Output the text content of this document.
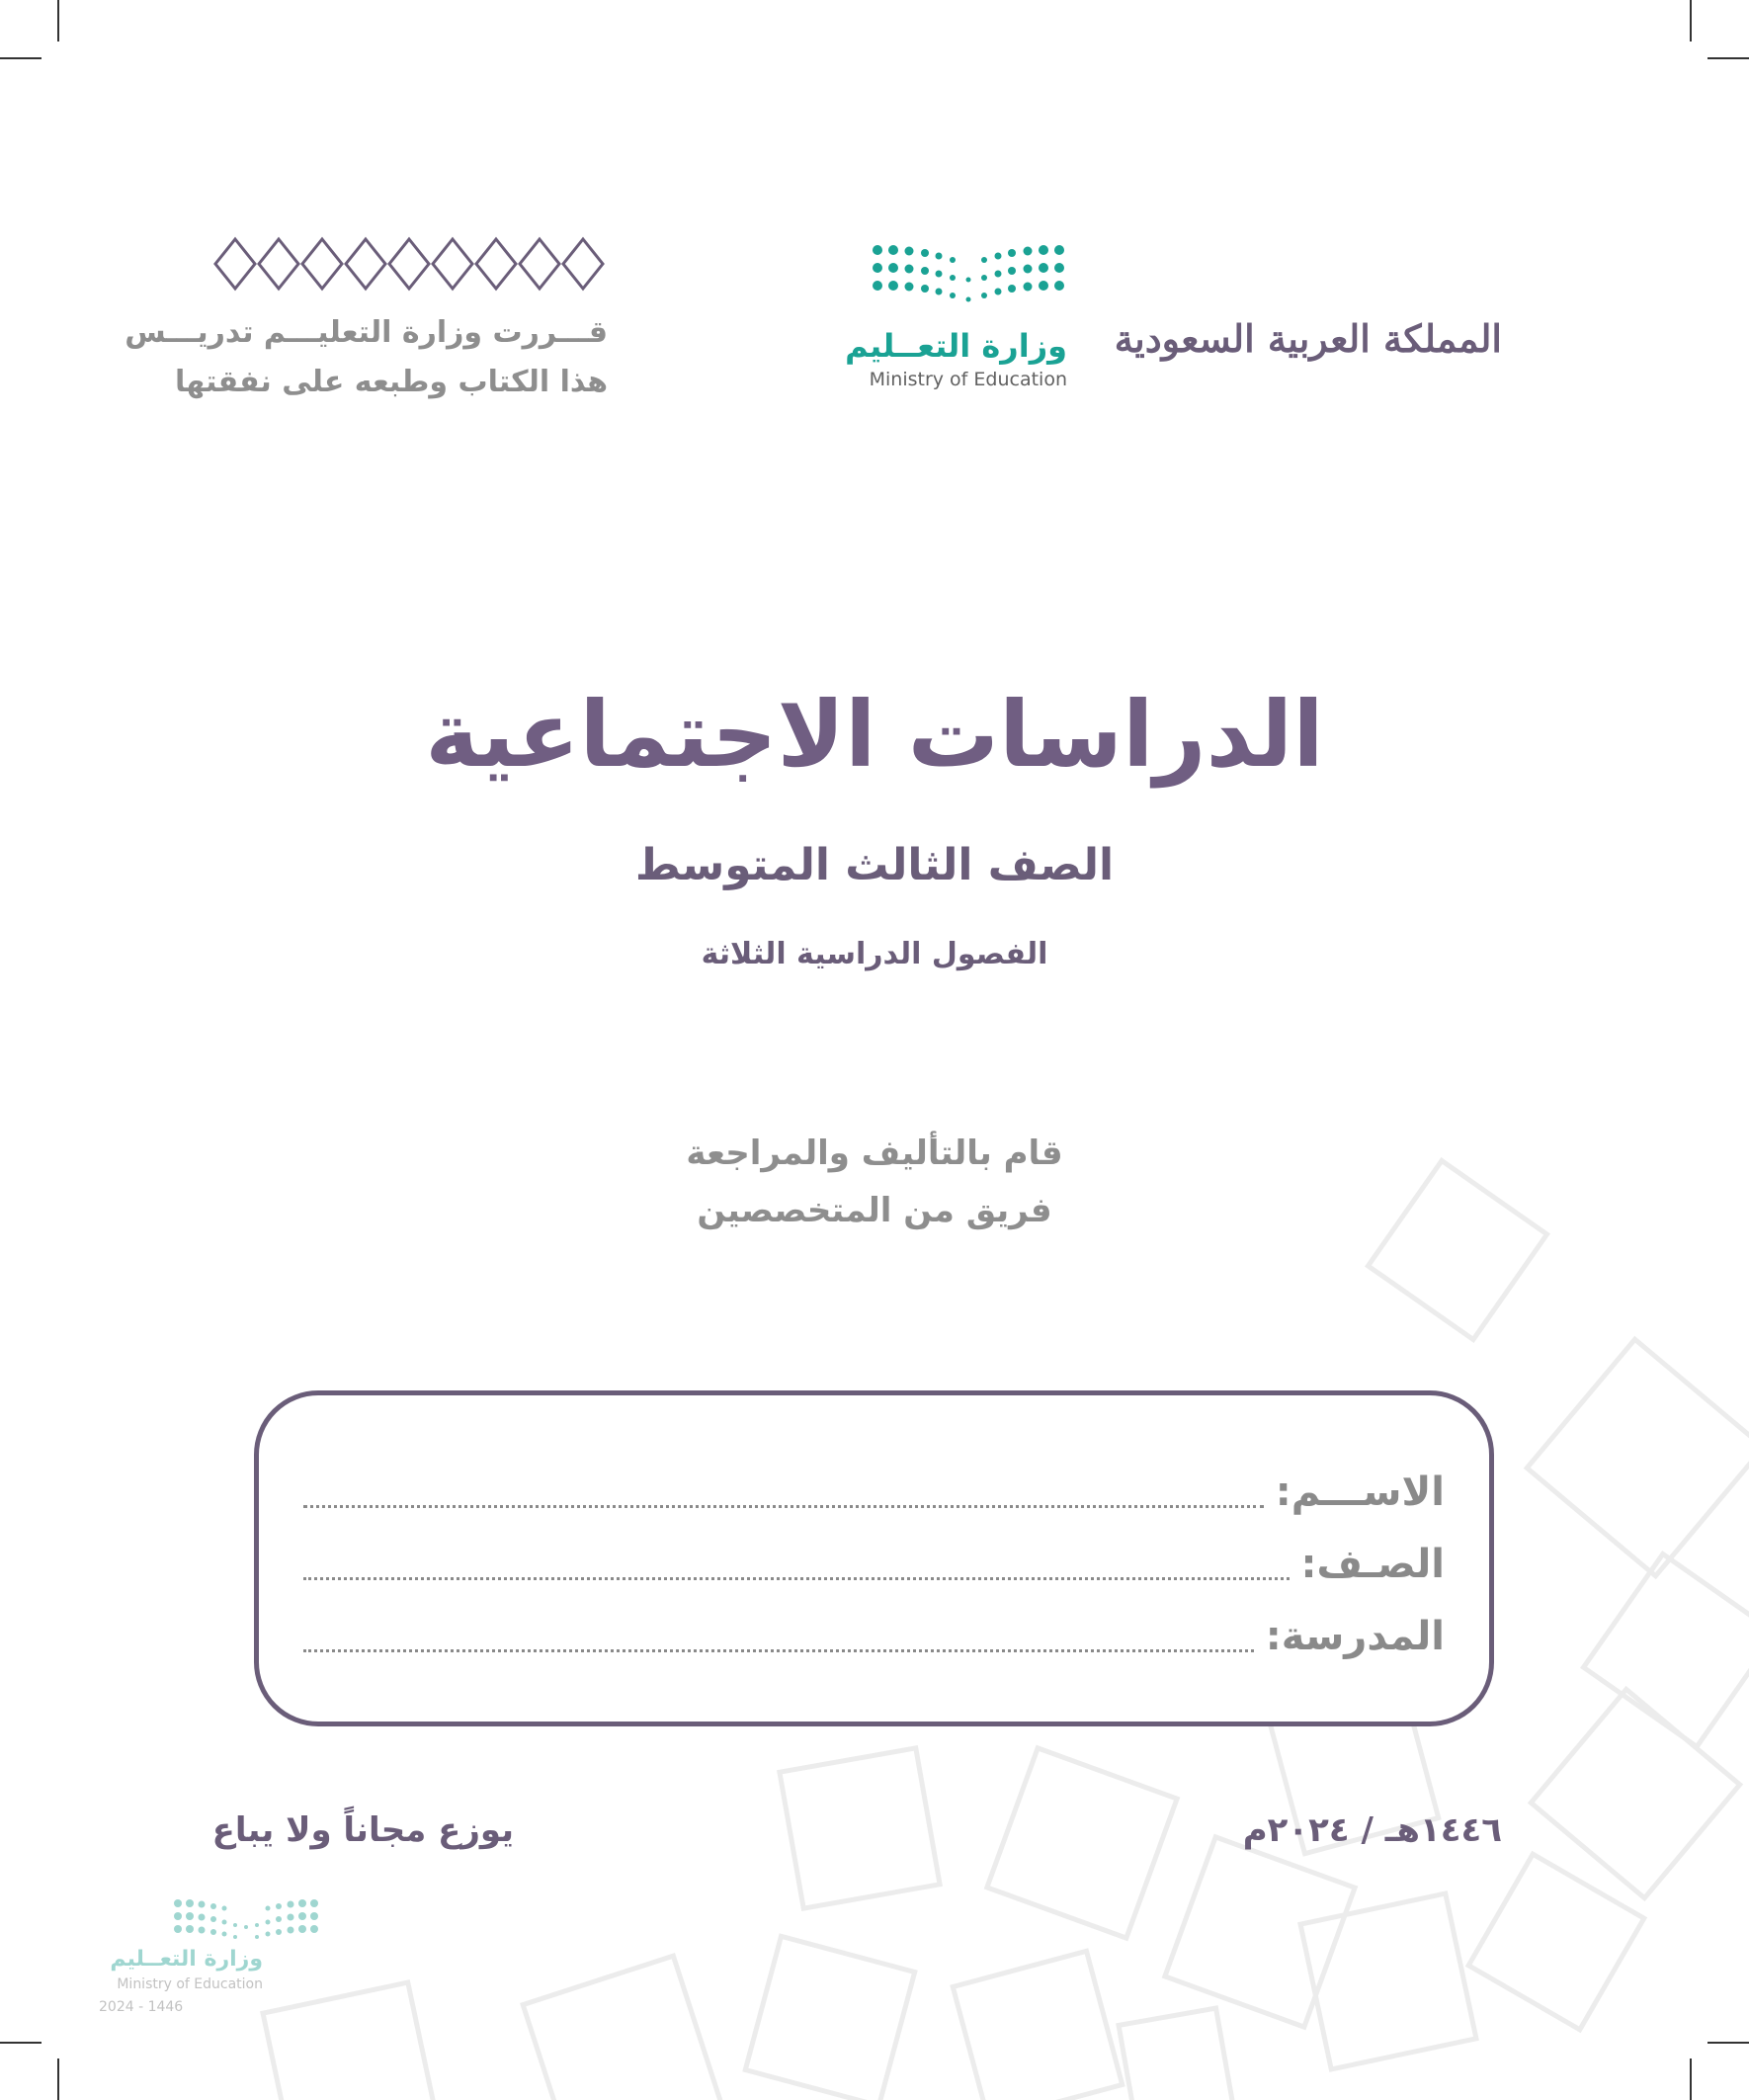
قـــررت وزارة التعليـــم تدريـــس
هذا الكتاب وطبعه على نفقتها
وزارة التعــليم
Ministry of Education
المملكة العربية السعودية
الدراسات الاجتماعية
الصف الثالث المتوسط
الفصول الدراسية الثلاثة
قام بالتأليف والمراجعة
فريق من المتخصصين
الاســـم:
الصـف:
المدرسة:
يوزع مجاناً ولا يباع	١٤٤٦هـ / ٢٠٢٤م
وزارة التعــليم
Ministry of Education
2024 - 1446
